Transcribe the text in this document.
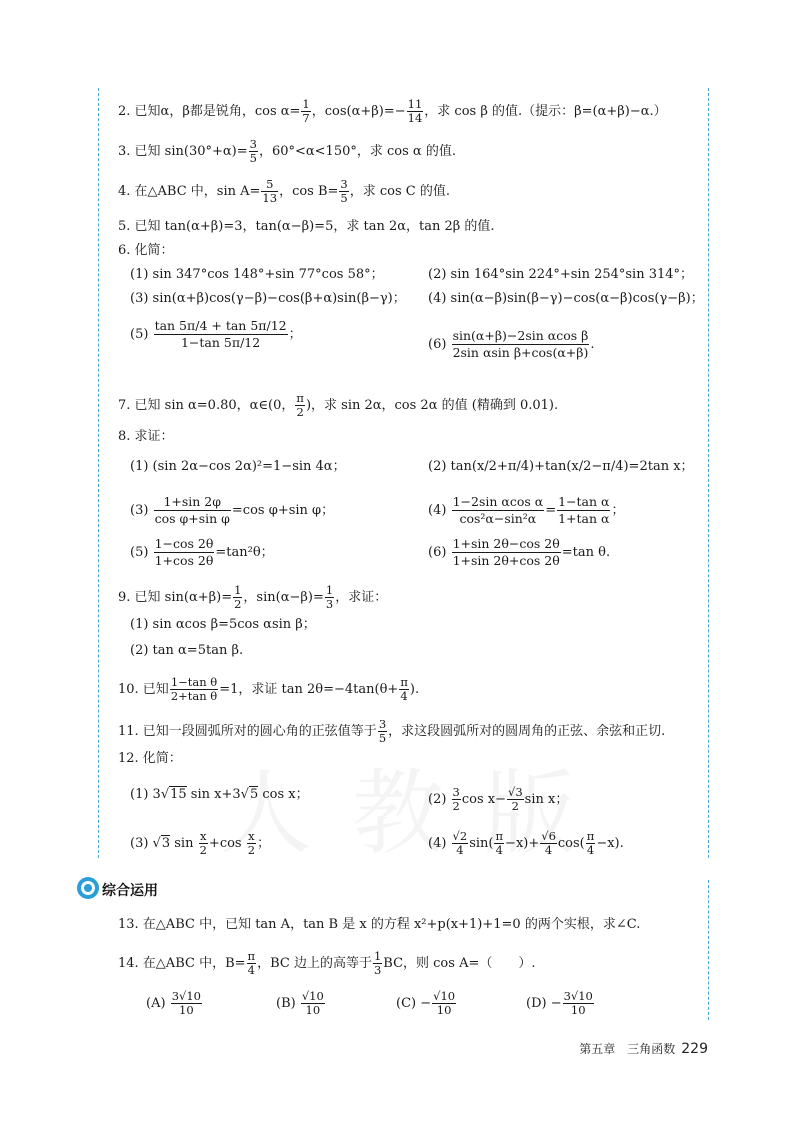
2. 已知α，β都是锐角，$\cos \alpha= \frac{1}{7}$ ，$\cos(\alpha+\beta)=- \frac{11}{14}$ ，求 cos β 的值.（提示：β=(α+β)−α.）
3. 已知 $\sin(30^\circ+\alpha)= \frac{3}{5}$ ，60°<α<150°，求 cos α 的值.
4. 在△ABC 中，$\sin A= \frac{5}{13}$ ，$\cos B= \frac{3}{5}$ ，求 cos C 的值.
5. 已知 tan(α+β)=3，tan(α−β)=5，求 tan 2α，tan 2β 的值.
6. 化简：
(1) sin 347°cos 148°+sin 77°cos 58°；	(2) sin 164°sin 224°+sin 254°sin 314°；
(3) sin(α+β)cos(γ−β)−cos(β+α)sin(β−γ)； (4) sin(α−β)sin(β−γ)−cos(α−β)cos(γ−β)；
$(5) \frac{\tan 5\pi/4 + \tan 5\pi/12}{1-\tan 5\pi/12}$ ；
$(6) \frac{\text{sin(α+β)−2sin αcos β}}{\text{2sin αsin β+cos(α+β)}}$ .
7. 已知 sin α=0.80，α∈(0， $\frac{\pi}{2}$ )，求 sin 2α，cos 2α 的值 (精确到 0.01).
8. 求证：
(1) (sin 2α−cos 2α)²=1−sin 4α；	(2) tan(x/2+π/4)+tan(x/2−π/4)=2tan x；
$(3) \frac{1+\sin 2\varphi}{\text{cos φ+sin φ}} =\cos$ φ+sin φ；	$(4) \frac{\text{1−2sin αcos α}}{\text{cos²α−sin²α}} = \frac{\text{1−tan α}}{\text{1+tan α}}$ ；
$(5) \frac{1-\cos 2\theta}{1+\cos 2\theta} =\tan^2\theta$；	$(6) \frac{1+\sin 2\theta-\cos 2\theta}{1+\sin 2\theta+\cos 2\theta} =\tan$ θ.
9. 已知 $\sin(\alpha+\beta)= \frac{1}{2}$ ，$\sin(\alpha-\beta)= \frac{1}{3}$ ，求证：
(1) sin αcos β=5cos αsin β；
(2) tan α=5tan β.
10. 已知 $\frac{\text{1−tan θ}}{\text{2+tan θ}} =1$，求证 $\tan 2\theta=-4\tan(\theta+ \frac{\pi}{4}$ ).
11. 已知一段圆弧所对的圆心角的正弦值等于 $\frac{3}{5}$ ，求这段圆弧所对的圆周角的正弦、余弦和正切.
12. 化简：
(1) 3√15 sin x+3√5 cos x；	$(2) \frac{3}{2}$ $\cos x- \frac{√3}{2}$ sin x；
(3) √3 $\sin \frac{x}{2} +\cos \frac{x}{2}$ ；	$(4) \frac{√2}{4} \sin( \frac{\pi}{4} -x)+ \frac{√6}{4} \cos( \frac{\pi}{4} -x)$.
综合运用
13. 在△ABC 中，已知 tan A，tan B 是 x 的方程 x²+p(x+1)+1=0 的两个实根，求∠C.
14. 在△ABC 中，$B= \frac{\pi}{4}$ ，BC 边上的高等于 $\frac{1}{3}$ BC，则 cos A=（　　）.
$(A) \frac{3√10}{10}$	$(B) \frac{√10}{10}$	$(C) - \frac{√10}{10}$	$(D) - \frac{3√10}{10}$
第五章　三角函数 229
